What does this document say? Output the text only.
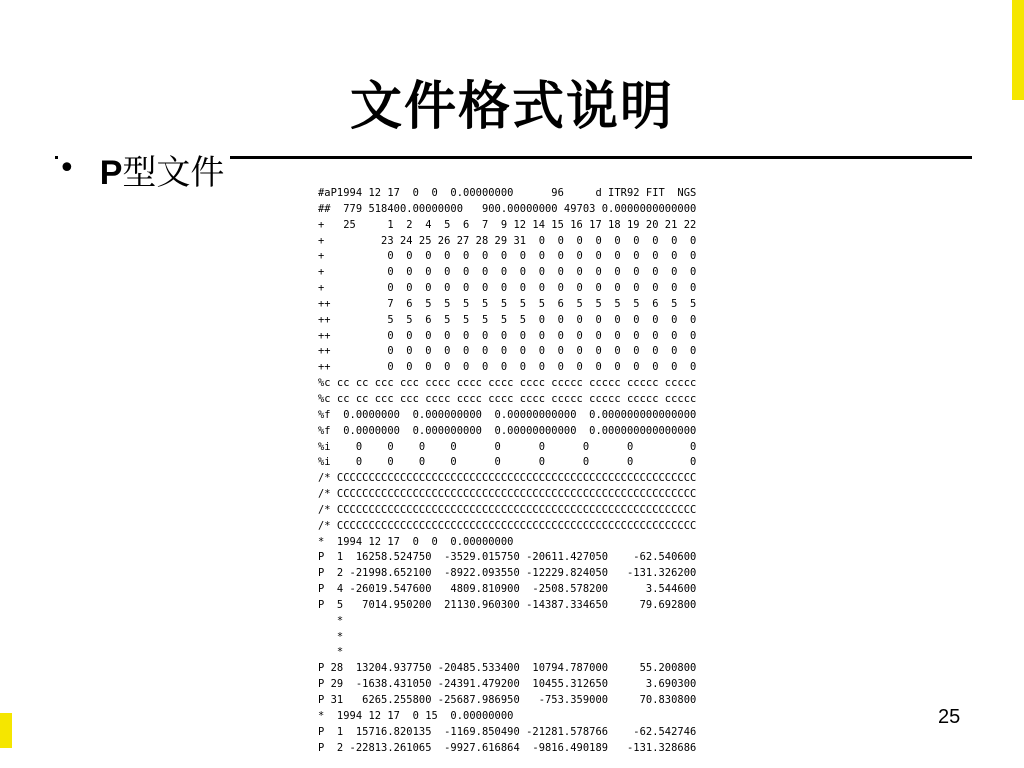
文件格式说明
• P型文件
#aP1994 12 17  0  0  0.00000000      96     d ITR92 FIT  NGS
##  779 518400.00000000   900.00000000 49703 0.0000000000000
+   25     1  2  4  5  6  7  9 12 14 15 16 17 18 19 20 21 22
+         23 24 25 26 27 28 29 31  0  0  0  0  0  0  0  0  0
+          0  0  0  0  0  0  0  0  0  0  0  0  0  0  0  0  0
+          0  0  0  0  0  0  0  0  0  0  0  0  0  0  0  0  0
+          0  0  0  0  0  0  0  0  0  0  0  0  0  0  0  0  0
++         7  6  5  5  5  5  5  5  5  6  5  5  5  5  6  5  5
++         5  5  6  5  5  5  5  5  0  0  0  0  0  0  0  0  0
++         0  0  0  0  0  0  0  0  0  0  0  0  0  0  0  0  0
++         0  0  0  0  0  0  0  0  0  0  0  0  0  0  0  0  0
++         0  0  0  0  0  0  0  0  0  0  0  0  0  0  0  0  0
%c cc cc ccc ccc cccc cccc cccc cccc ccccc ccccc ccccc ccccc
%c cc cc ccc ccc cccc cccc cccc cccc ccccc ccccc ccccc ccccc
%f  0.0000000  0.000000000  0.00000000000  0.000000000000000
%f  0.0000000  0.000000000  0.00000000000  0.000000000000000
%i    0    0    0    0      0      0      0      0         0
%i    0    0    0    0      0      0      0      0         0
/* CCCCCCCCCCCCCCCCCCCCCCCCCCCCCCCCCCCCCCCCCCCCCCCCCCCCCCCCC
/* CCCCCCCCCCCCCCCCCCCCCCCCCCCCCCCCCCCCCCCCCCCCCCCCCCCCCCCCC
/* CCCCCCCCCCCCCCCCCCCCCCCCCCCCCCCCCCCCCCCCCCCCCCCCCCCCCCCCC
/* CCCCCCCCCCCCCCCCCCCCCCCCCCCCCCCCCCCCCCCCCCCCCCCCCCCCCCCCC
*  1994 12 17  0  0  0.00000000
P  1  16258.524750  -3529.015750 -20611.427050    -62.540600
P  2 -21998.652100  -8922.093550 -12229.824050   -131.326200
P  4 -26019.547600   4809.810900  -2508.578200      3.544600
P  5   7014.950200  21130.960300 -14387.334650     79.692800
*
*
*
P 28  13204.937750 -20485.533400  10794.787000     55.200800
P 29  -1638.431050 -24391.479200  10455.312650      3.690300
P 31   6265.255800 -25687.986950   -753.359000     70.830800
*  1994 12 17  0 15  0.00000000
P  1  15716.820135  -1169.850490 -21281.578766    -62.542746
P  2 -22813.261065  -9927.616864  -9816.490189   -131.328686
25
